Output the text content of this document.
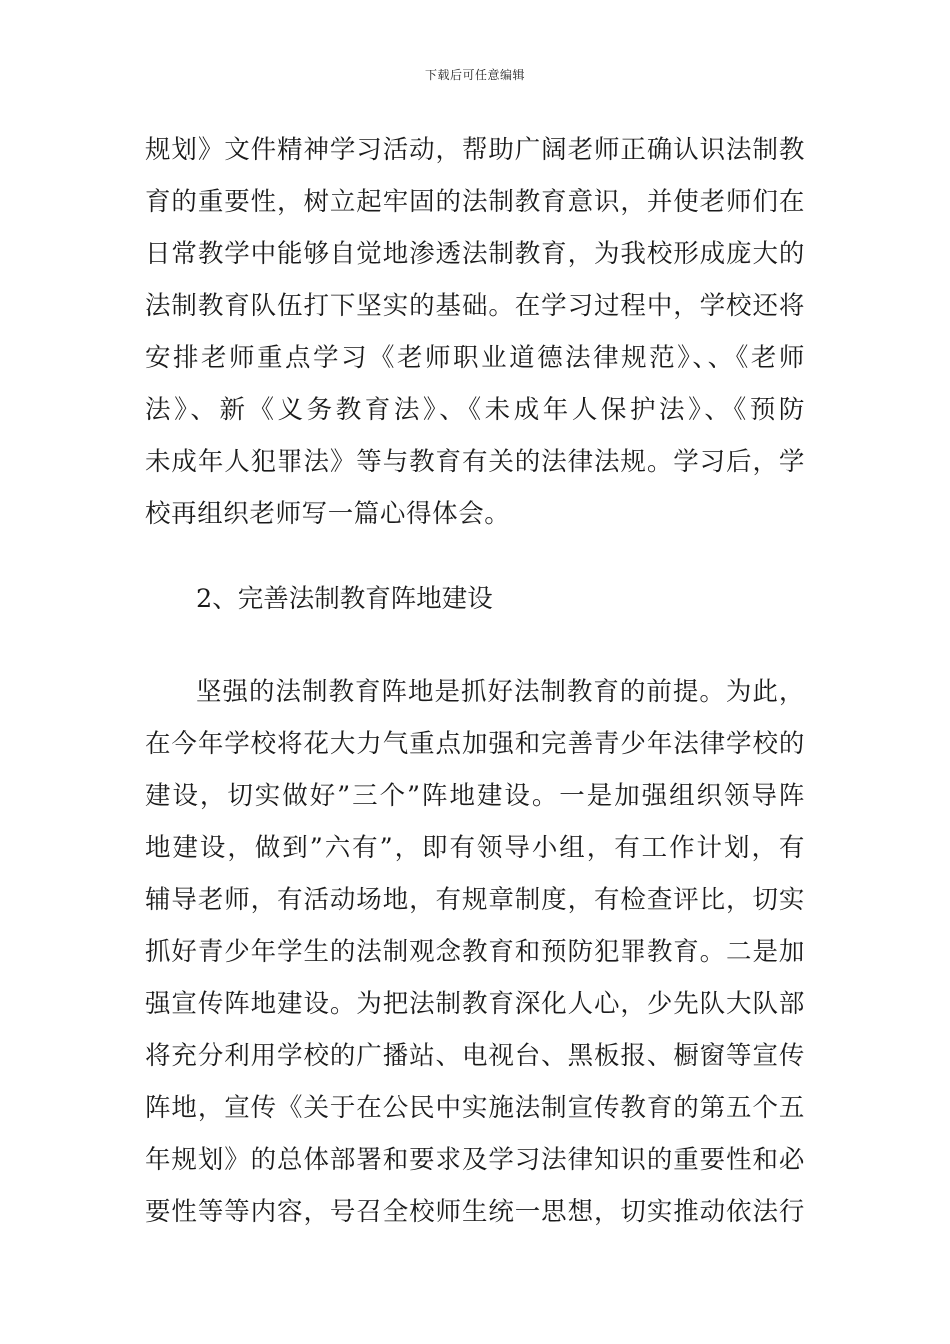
下载后可任意编辑
规划》文件精神学习活动，帮助广阔老师正确认识法制教
育的重要性，树立起牢固的法制教育意识，并使老师们在
日常教学中能够自觉地渗透法制教育，为我校形成庞大的
法制教育队伍打下坚实的基础。在学习过程中，学校还将
安排老师重点学习《老师职业道德法律规范》、、《老师
法》、新《义务教育法》、《未成年人保护法》、《预防
未成年人犯罪法》等与教育有关的法律法规。学习后，学
校再组织老师写一篇心得体会。
2、完善法制教育阵地建设
坚强的法制教育阵地是抓好法制教育的前提。为此，
在今年学校将花大力气重点加强和完善青少年法律学校的
建设，切实做好”三个”阵地建设。一是加强组织领导阵
地建设，做到”六有”，即有领导小组，有工作计划，有
辅导老师，有活动场地，有规章制度，有检查评比，切实
抓好青少年学生的法制观念教育和预防犯罪教育。二是加
强宣传阵地建设。为把法制教育深化人心，少先队大队部
将充分利用学校的广播站、电视台、黑板报、橱窗等宣传
阵地，宣传《关于在公民中实施法制宣传教育的第五个五
年规划》的总体部署和要求及学习法律知识的重要性和必
要性等等内容，号召全校师生统一思想，切实推动依法行
